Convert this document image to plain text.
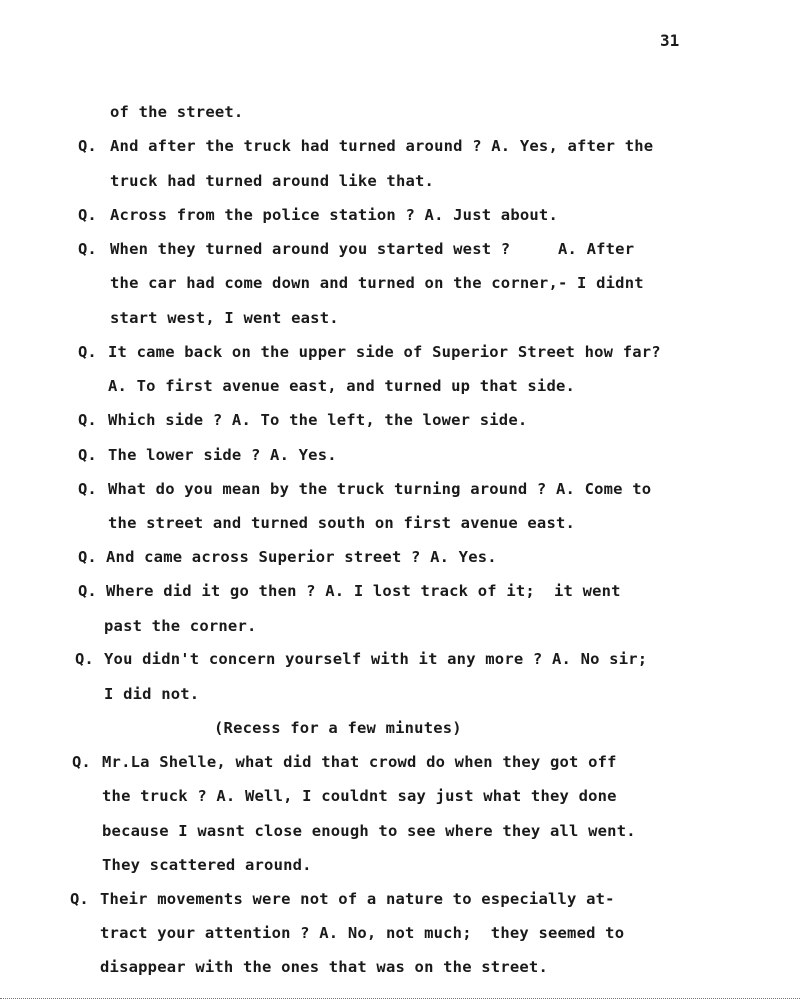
31
Q.
Q.
Q.
Q.
Q.
Q.
Q.
Q.
Q.
Q.
Q.
Q.
of the street.
And after the truck had turned around ? A. Yes, after the
truck had turned around like that.
Across from the police station ? A. Just about.
When they turned around you started west ?     A. After
the car had come down and turned on the corner,- I didnt
start west, I went east.
It came back on the upper side of Superior Street how far?
A. To first avenue east, and turned up that side.
Which side ? A. To the left, the lower side.
The lower side ? A. Yes.
What do you mean by the truck turning around ? A. Come to
the street and turned south on first avenue east.
And came across Superior street ? A. Yes.
Where did it go then ? A. I lost track of it;  it went
past the corner.
You didn't concern yourself with it any more ? A. No sir;
I did not.
(Recess for a few minutes)
Mr.La Shelle, what did that crowd do when they got off
the truck ? A. Well, I couldnt say just what they done
because I wasnt close enough to see where they all went.
They scattered around.
Their movements were not of a nature to especially at-
tract your attention ? A. No, not much;  they seemed to
disappear with the ones that was on the street.
